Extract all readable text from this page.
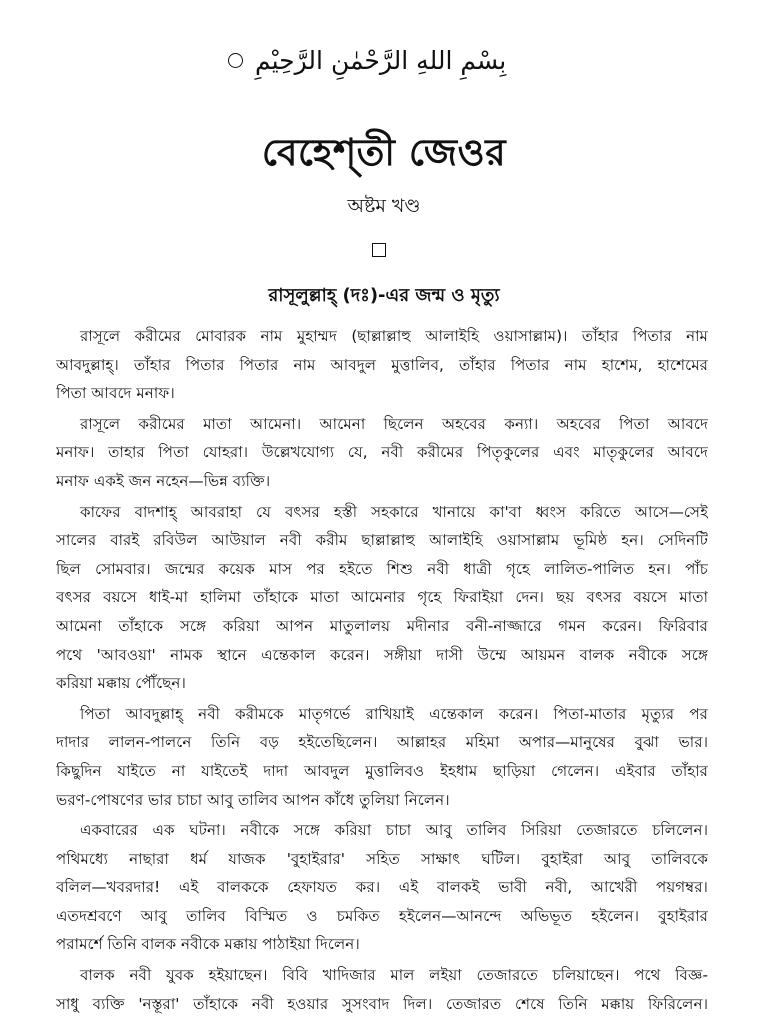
بِسْمِ اللهِ الرَّحْمٰنِ الرَّحِيْمِ
বেহেশ্‌তী জেওর
অষ্টম খণ্ড
রাসূলুল্লাহ্‌ (দঃ)-এর জন্ম ও মৃত্যু
রাসূলে করীমের মোবারক নাম মুহাম্মদ (ছাল্লাল্লাহু আলাইহি ওয়াসাল্লাম)। তাঁহার পিতার নাম
আবদুল্লাহ্‌। তাঁহার পিতার পিতার নাম আবদুল মুত্তালিব, তাঁহার পিতার নাম হাশেম, হাশেমের
পিতা আবদে মনাফ।
রাসূলে করীমের মাতা আমেনা। আমেনা ছিলেন অহবের কন্যা। অহবের পিতা আবদে
মনাফ। তাহার পিতা যোহরা। উল্লেখযোগ্য যে, নবী করীমের পিতৃকুলের এবং মাতৃকুলের আবদে
মনাফ একই জন নহেন—ভিন্ন ব্যক্তি।
কাফের বাদশাহ্‌ আবরাহা যে বৎসর হস্তী সহকারে খানায়ে কা'বা ধ্বংস করিতে আসে—সেই
সালের বারই রবিউল আউয়াল নবী করীম ছাল্লাল্লাহু আলাইহি ওয়াসাল্লাম ভূমিষ্ঠ হন। সেদিনটি
ছিল সোমবার। জন্মের কয়েক মাস পর হইতে শিশু নবী ধাত্রী গৃহে লালিত-পালিত হন। পাঁচ
বৎসর বয়সে ধাই-মা হালিমা তাঁহাকে মাতা আমেনার গৃহে ফিরাইয়া দেন। ছয় বৎসর বয়সে মাতা
আমেনা তাঁহাকে সঙ্গে করিয়া আপন মাতুলালয় মদীনার বনী-নাজ্জারে গমন করেন। ফিরিবার
পথে 'আবওয়া' নামক স্থানে এন্তেকাল করেন। সঙ্গীয়া দাসী উম্মে আয়মন বালক নবীকে সঙ্গে
করিয়া মক্কায় পৌঁছেন।
পিতা আবদুল্লাহ্‌ নবী করীমকে মাতৃগর্ভে রাখিয়াই এন্তেকাল করেন। পিতা-মাতার মৃত্যুর পর
দাদার লালন-পালনে তিনি বড় হইতেছিলেন। আল্লাহর মহিমা অপার—মানুষের বুঝা ভার।
কিছুদিন যাইতে না যাইতেই দাদা আবদুল মুত্তালিবও ইহধাম ছাড়িয়া গেলেন। এইবার তাঁহার
ভরণ-পোষণের ভার চাচা আবু তালিব আপন কাঁধে তুলিয়া নিলেন।
একবারের এক ঘটনা। নবীকে সঙ্গে করিয়া চাচা আবু তালিব সিরিয়া তেজারতে চলিলেন।
পথিমধ্যে নাছারা ধর্ম যাজক 'বুহাইরার' সহিত সাক্ষাৎ ঘটিল। বুহাইরা আবু তালিবকে
বলিল—খবরদার! এই বালককে হেফাযত কর। এই বালকই ভাবী নবী, আখেরী পয়গম্বর।
এতদশ্রবণে আবু তালিব বিস্মিত ও চমকিত হইলেন—আনন্দে অভিভূত হইলেন। বুহাইরার
পরামর্শে তিনি বালক নবীকে মক্কায় পাঠাইয়া দিলেন।
বালক নবী যুবক হইয়াছেন। বিবি খাদিজার মাল লইয়া তেজারতে চলিয়াছেন। পথে বিজ্ঞ-
সাধু ব্যক্তি 'নস্তূরা' তাঁহাকে নবী হওয়ার সুসংবাদ দিল। তেজারত শেষে তিনি মক্কায় ফিরিলেন।
